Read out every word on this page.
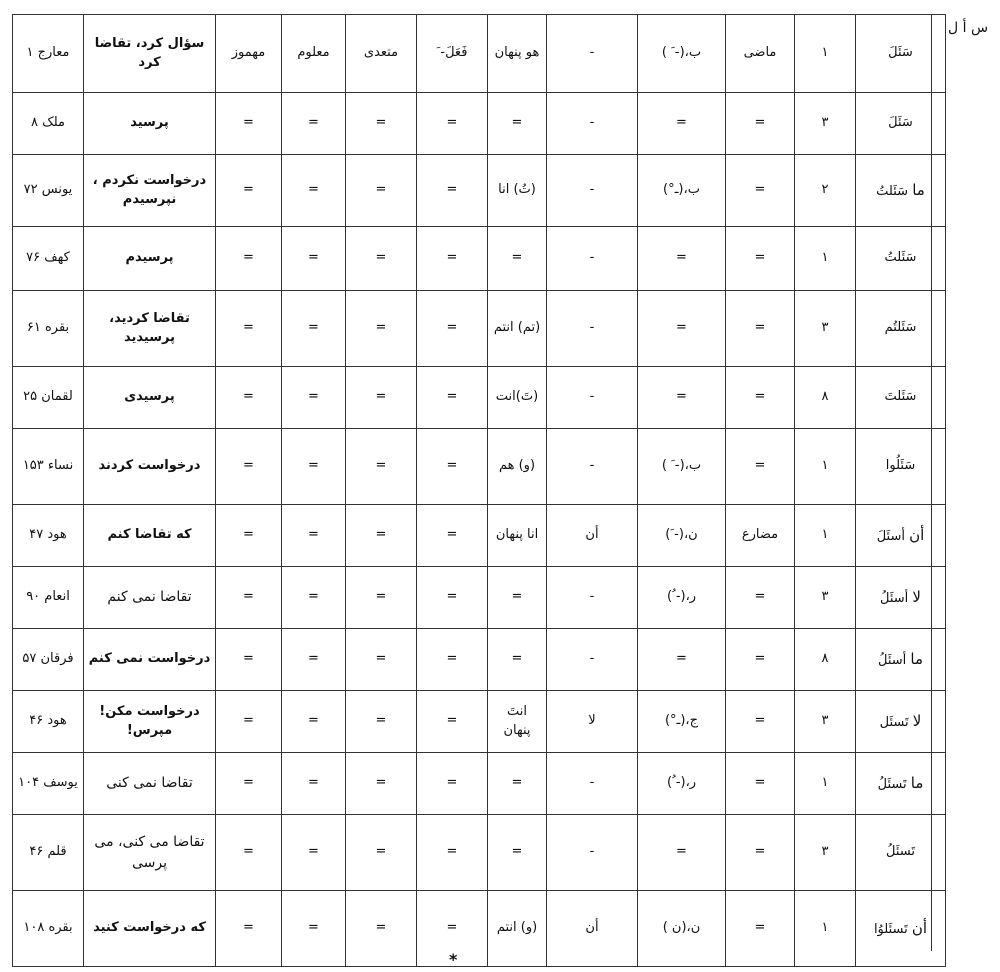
س أ ل
سَئَلَ	۱	ماضی	ب،(- َ )	-	هو پنهان	فَعَلَ- َ	متعدی	معلوم	مهموز	سؤال کرد، تقاضا کرد	معارج ۱
سَئَلَ	۳	=	=	-	=	=	=	=	=	پرسید	ملک ۸
ما سَئَلتُ	۲	=	ب،(ـ°)	-	(تُ) انا	=	=	=	=	درخواست نکردم ، نپرسیدم	یونس ۷۲
سَئَلتُ	۱	=	=	-	=	=	=	=	=	پرسیدم	کهف ۷۶
سَئَلتُم	۳	=	=	-	(تم) انتم	=	=	=	=	تقاضا کردید، پرسیدید	بقره ۶۱
سَئَلتَ	۸	=	=	-	(تَ)انت	=	=	=	=	پرسیدی	لقمان ۲۵
سَئَلُوا	۱	=	ب،(- َ )	-	(و) هم	=	=	=	=	درخواست کردند	نساء ۱۵۳
أن أسئَلَ	۱	مضارع	ن،(- َ)	أن	انا پنهان	=	=	=	=	که تقاضا کنم	هود ۴۷
لا أسئَلُ	۳	=	ر،(- ُ)	-	=	=	=	=	=	تقاضا نمی کنم	انعام ۹۰
ما أسئَلُ	۸	=	=	-	=	=	=	=	=	درخواست نمی کنم	فرقان ۵۷
لا تَسئَل	۳	=	ج،(ـ°)	لا	انتَ پنهان	=	=	=	=	درخواست مکن! مپرس!	هود ۴۶
ما تَسئَلُ	۱	=	ر،(- ُ)	-	=	=	=	=	=	تقاضا نمی کنی	یوسف ۱۰۴
تَسئَلُ	۳	=	=	-	=	=	=	=	=	تقاضا می کنی، می پرسی	قلم ۴۶
أن تَسئَلوُا	۱	=	ن،(ن )	أن	(و) انتم	=	=	=	=	که درخواست کنید	بقره ۱۰۸
*
